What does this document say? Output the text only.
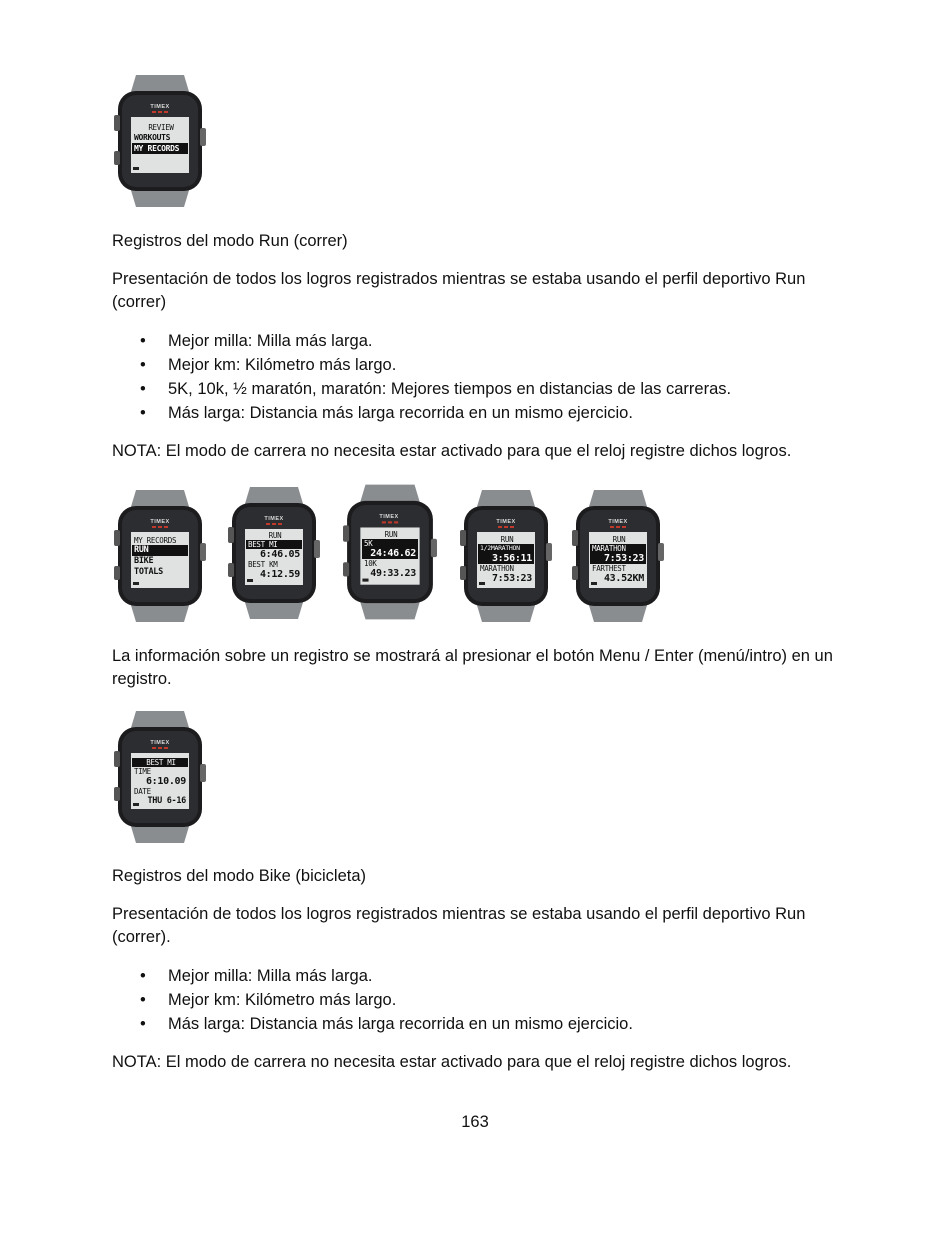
TIMEX
REVIEW
WORKOUTS
MY RECORDS
Registros del modo Run (correr)
Presentación de todos los logros registrados mientras se estaba usando el perfil deportivo Run (correr)
• Mejor milla: Milla más larga.
• Mejor km: Kilómetro más largo.
• 5K, 10k, ½ maratón, maratón: Mejores tiempos en distancias de las carreras.
• Más larga: Distancia más larga recorrida en un mismo ejercicio.
NOTA: El modo de carrera no necesita estar activado para que el reloj registre dichos logros.
TIMEX
MY RECORDS
RUN
BIKE
TOTALS
TIMEX
RUN
BEST MI
6:46.05
BEST KM
4:12.59
TIMEX
RUN
5K
24:46.62
10K
49:33.23
TIMEX
RUN
1/2MARATHON
3:56:11
MARATHON
7:53:23
TIMEX
RUN
MARATHON
7:53:23
FARTHEST
43.52KM
La información sobre un registro se mostrará al presionar el botón Menu / Enter (menú/intro) en un registro.
TIMEX
BEST MI
TIME
6:10.09
DATE
THU 6-16
Registros del modo Bike (bicicleta)
Presentación de todos los logros registrados mientras se estaba usando el perfil deportivo Run (correr).
• Mejor milla: Milla más larga.
• Mejor km: Kilómetro más largo.
• Más larga: Distancia más larga recorrida en un mismo ejercicio.
NOTA: El modo de carrera no necesita estar activado para que el reloj registre dichos logros.
163
